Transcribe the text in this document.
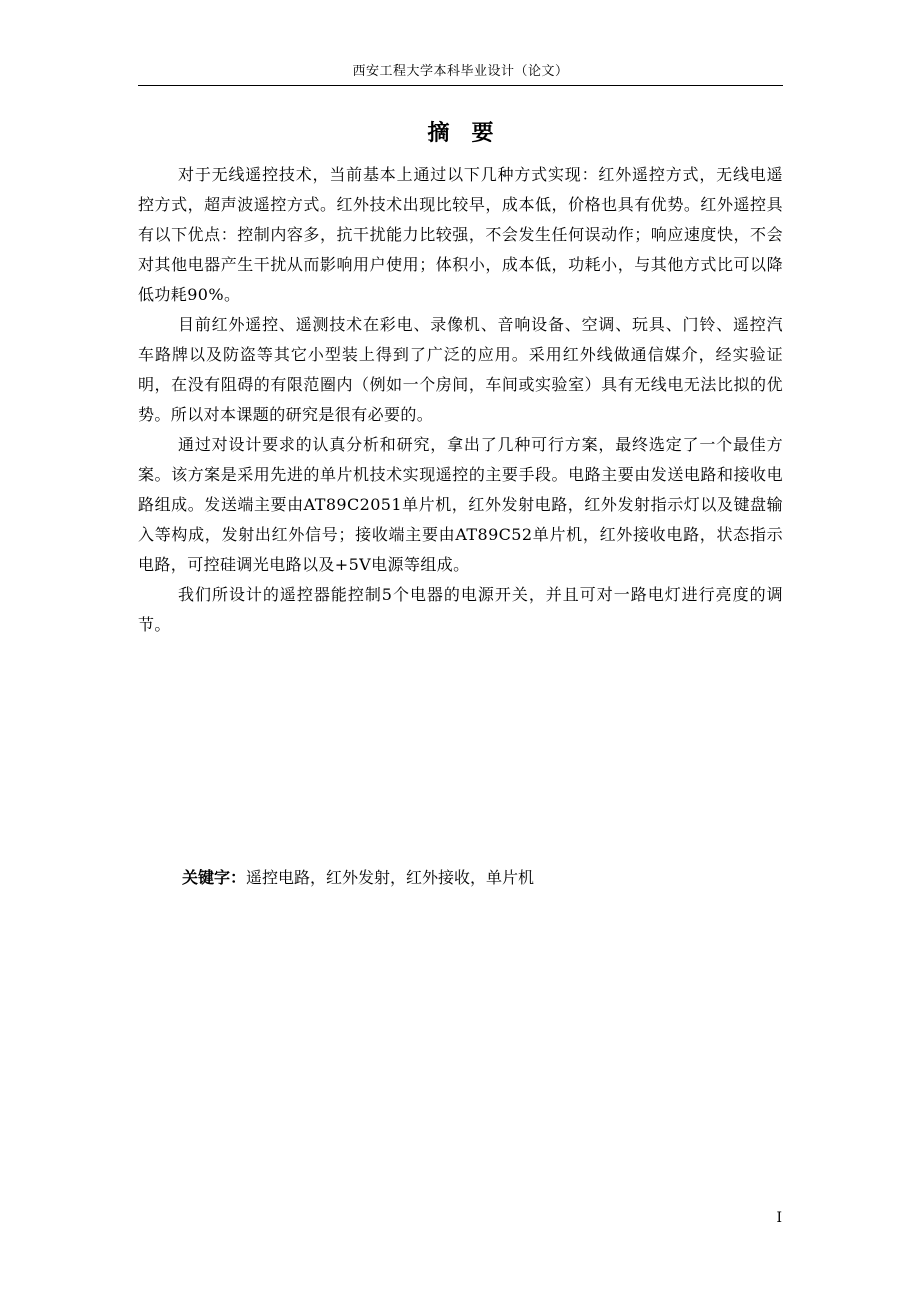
西安工程大学本科毕业设计（论文）
摘　要

对于无线遥控技术，当前基本上通过以下几种方式实现：红外遥控方式，无线电遥控方式，超声波遥控方式。红外技术出现比较早，成本低，价格也具有优势。红外遥控具有以下优点：控制内容多，抗干扰能力比较强，不会发生任何误动作；响应速度快，不会对其他电器产生干扰从而影响用户使用；体积小，成本低，功耗小，与其他方式比可以降低功耗90%。

目前红外遥控、遥测技术在彩电、录像机、音响设备、空调、玩具、门铃、遥控汽车路牌以及防盗等其它小型装上得到了广泛的应用。采用红外线做通信媒介，经实验证明，在没有阻碍的有限范圈内（例如一个房间，车间或实验室）具有无线电无法比拟的优势。所以对本课题的研究是很有必要的。

通过对设计要求的认真分析和研究，拿出了几种可行方案，最终选定了一个最佳方案。该方案是采用先进的单片机技术实现遥控的主要手段。电路主要由发送电路和接收电路组成。发送端主要由AT89C2051单片机，红外发射电路，红外发射指示灯以及键盘输入等构成，发射出红外信号；接收端主要由AT89C52单片机，红外接收电路，状态指示电路，可控硅调光电路以及+5V电源等组成。

我们所设计的遥控器能控制5个电器的电源开关，并且可对一路电灯进行亮度的调节。

关键字：遥控电路，红外发射，红外接收，单片机
I
